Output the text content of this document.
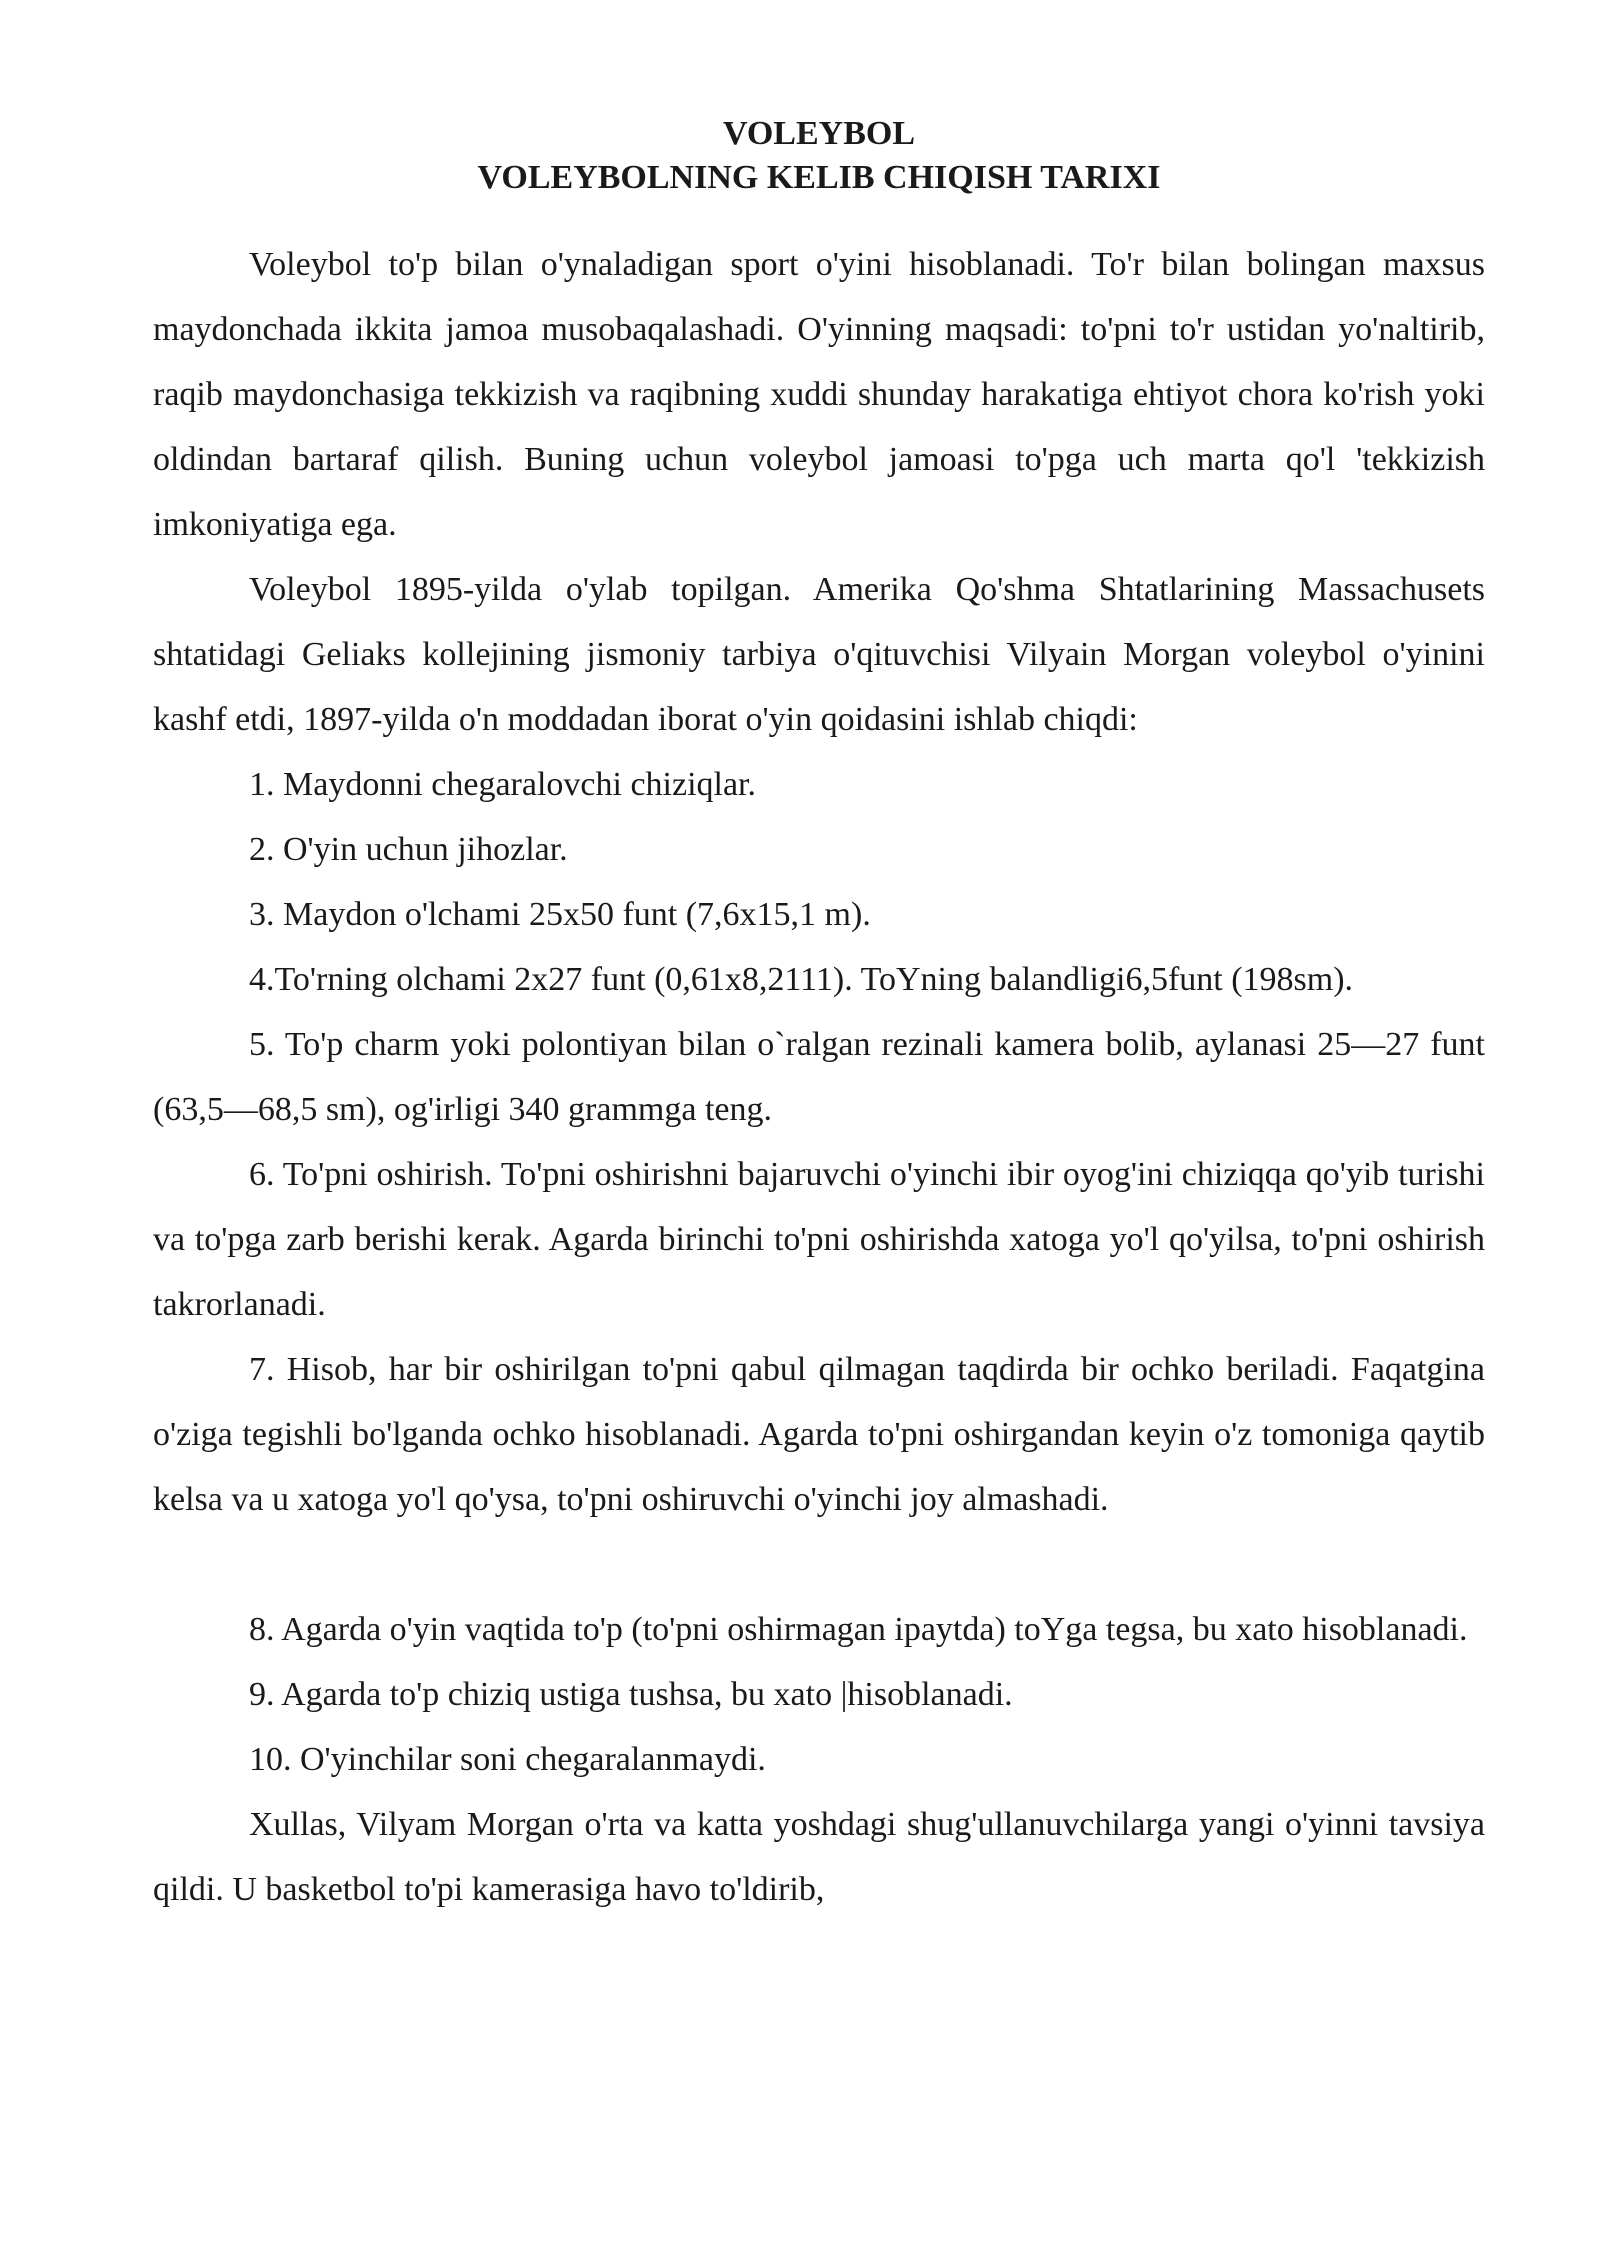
VOLEYBOL
VOLEYBOLNING KELIB CHIQISH TARIXI

Voleybol to'p bilan o'ynaladigan sport o'yini hisoblanadi. To'r bilan bolingan maxsus maydonchada ikkita jamoa musobaqalashadi. O'yinning maqsadi: to'pni to'r ustidan yo'naltirib, raqib maydonchasiga tekkizish va raqibning xuddi shunday harakatiga ehtiyot chora ko'rish yoki oldindan bartaraf qilish. Buning uchun voleybol jamoasi to'pga uch marta qo'l 'tekkizish imkoniyatiga ega.

Voleybol 1895-yilda o'ylab topilgan. Amerika Qo'shma Shtatlarining Massachusets shtatidagi Geliaks kollejining jismoniy tarbiya o'qituvchisi Vilyain Morgan voleybol o'yinini kashf etdi, 1897-yilda o'n moddadan iborat o'yin qoidasini ishlab chiqdi:

1. Maydonni chegaralovchi chiziqlar.

2. O'yin uchun jihozlar.

3. Maydon o'lchami 25x50 funt (7,6x15,1 m).

4.To'rning olchami 2x27 funt (0,61x8,2111). ToYning balandligi6,5funt (198sm).

5. To'p charm yoki polontiyan bilan o`ralgan rezinali kamera bolib, aylanasi 25—27 funt (63,5—68,5 sm), og'irligi 340 grammga teng.

6. To'pni oshirish. To'pni oshirishni bajaruvchi o'yinchi ibir oyog'ini chiziqqa qo'yib turishi va to'pga zarb berishi kerak. Agarda birinchi to'pni oshirishda xatoga yo'l qo'yilsa, to'pni oshirish takrorlanadi.

7. Hisob, har bir oshirilgan to'pni qabul qilmagan taqdirda bir ochko beriladi. Faqatgina o'ziga tegishli bo'lganda ochko hisoblanadi. Agarda to'pni oshirgandan keyin o'z tomoniga qaytib kelsa va u xatoga yo'l qo'ysa, to'pni oshiruvchi o'yinchi joy almashadi.

8. Agarda o'yin vaqtida to'p (to'pni oshirmagan ipaytda) toYga tegsa, bu xato hisoblanadi.

9. Agarda to'p chiziq ustiga tushsa, bu xato |hisoblanadi.

10. O'yinchilar soni chegaralanmaydi.

Xullas, Vilyam Morgan o'rta va katta yoshdagi shug'ullanuvchilarga yangi o'yinni tavsiya qildi. U basketbol to'pi kamerasiga havo to'ldirib,
